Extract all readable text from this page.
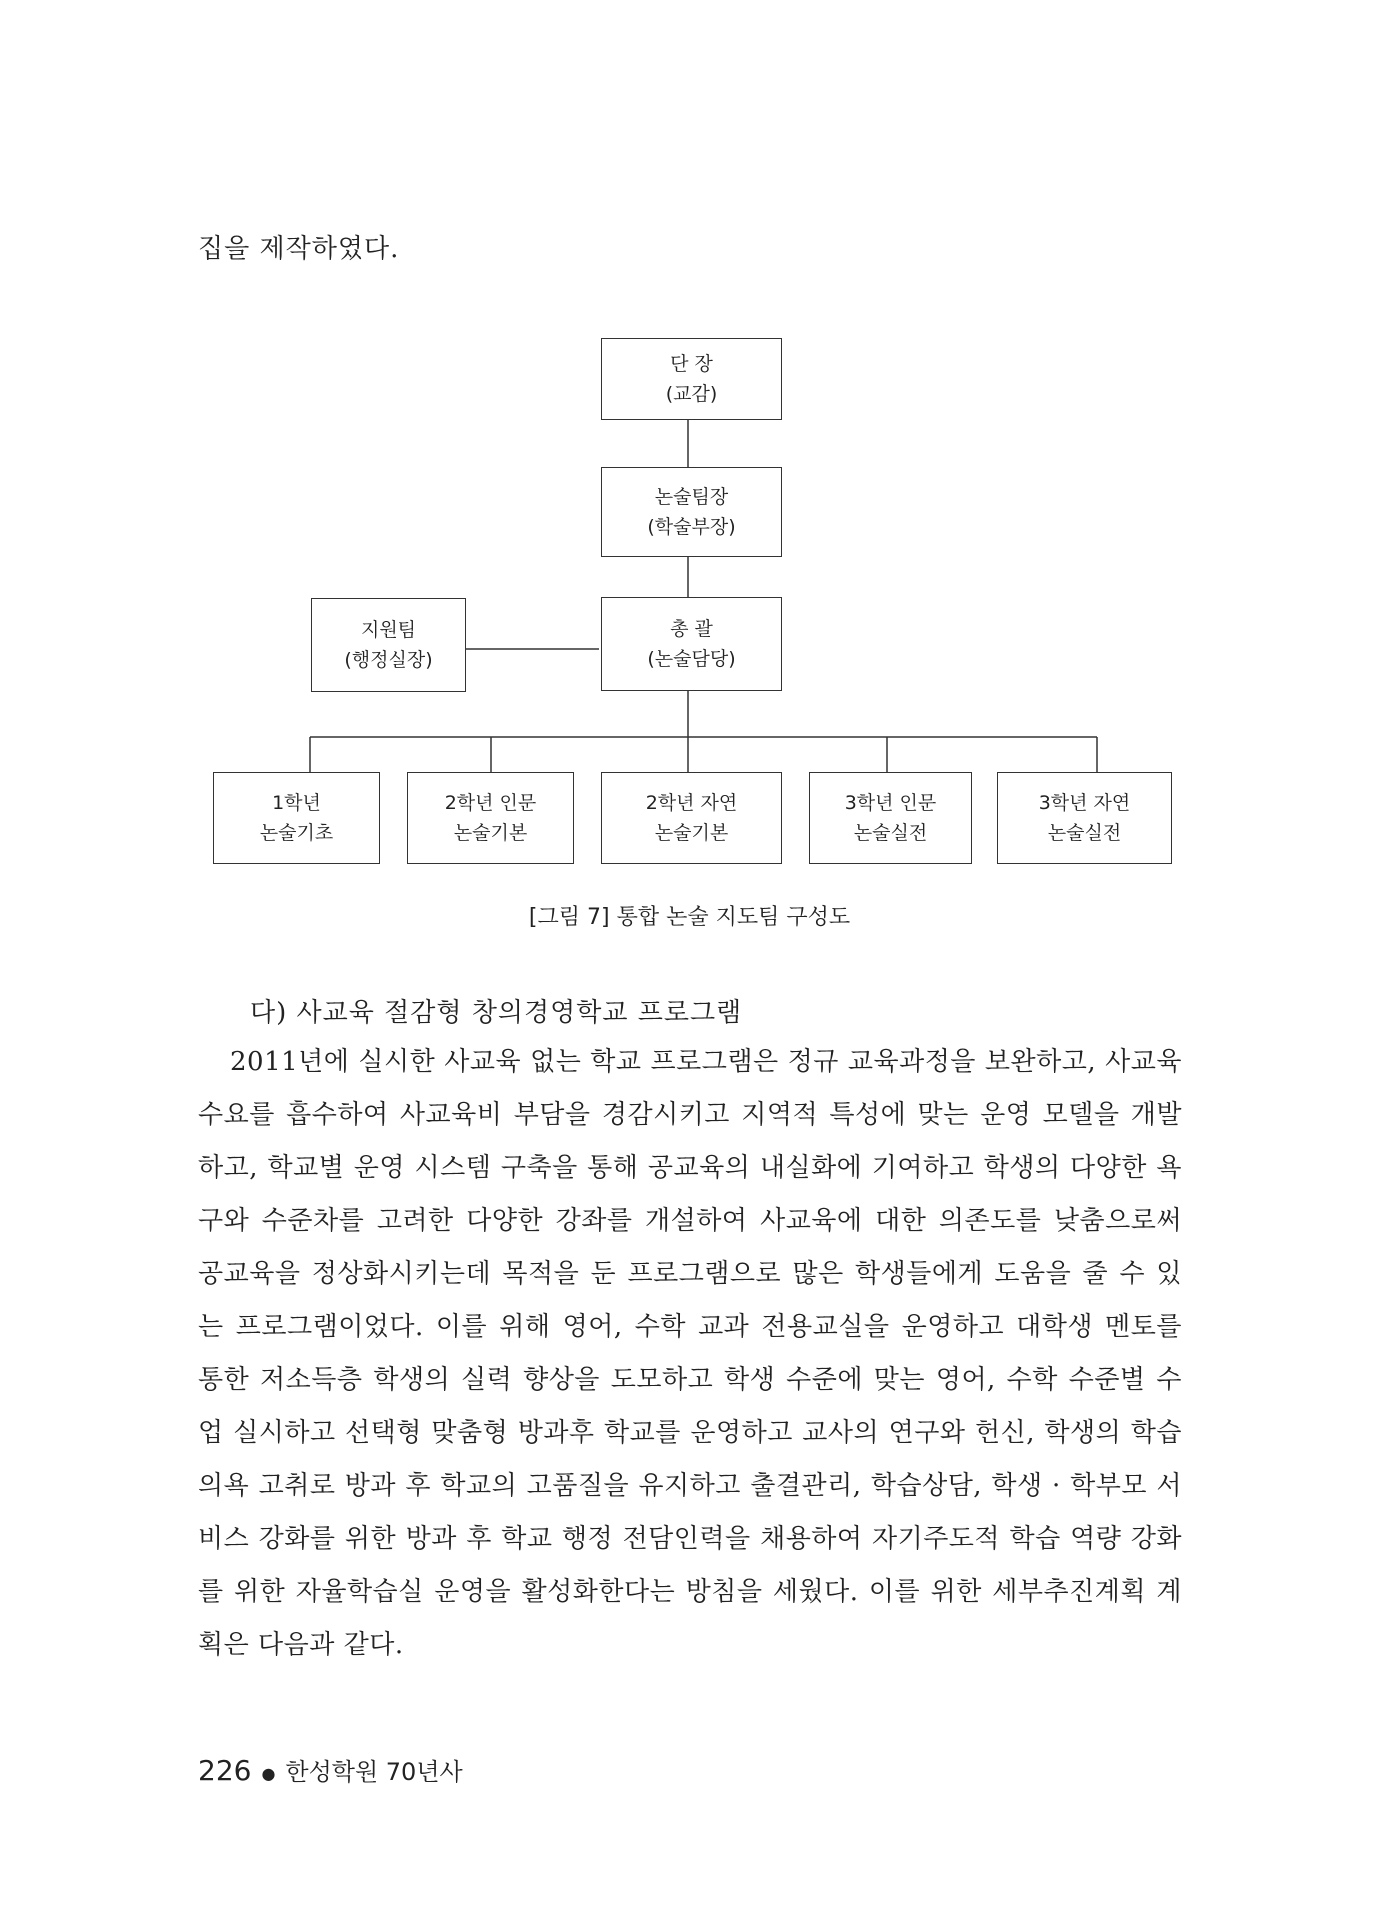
집을 제작하였다.
단 장
(교감)
논술팀장
(학술부장)
지원팀
(행정실장)
총 괄
(논술담당)
1학년
논술기초
2학년 인문
논술기본
2학년 자연
논술기본
3학년 인문
논술실전
3학년 자연
논술실전
[그림 7] 통합 논술 지도팀 구성도
다) 사교육 절감형 창의경영학교 프로그램

2011년에 실시한 사교육 없는 학교 프로그램은 정규 교육과정을 보완하고, 사교육 수요를 흡수하여 사교육비 부담을 경감시키고 지역적 특성에 맞는 운영 모델을 개발하고, 학교별 운영 시스템 구축을 통해 공교육의 내실화에 기여하고 학생의 다양한 욕구와 수준차를 고려한 다양한 강좌를 개설하여 사교육에 대한 의존도를 낮춤으로써 공교육을 정상화시키는데 목적을 둔 프로그램으로 많은 학생들에게 도움을 줄 수 있는 프로그램이었다. 이를 위해 영어, 수학 교과 전용교실을 운영하고 대학생 멘토를 통한 저소득층 학생의 실력 향상을 도모하고 학생 수준에 맞는 영어, 수학 수준별 수업 실시하고 선택형 맞춤형 방과후 학교를 운영하고 교사의 연구와 헌신, 학생의 학습의욕 고취로 방과 후 학교의 고품질을 유지하고 출결관리, 학습상담, 학생 · 학부모 서비스 강화를 위한 방과 후 학교 행정 전담인력을 채용하여 자기주도적 학습 역량 강화를 위한 자율학습실 운영을 활성화한다는 방침을 세웠다. 이를 위한 세부추진계획 계획은 다음과 같다.

226 ● 한성학원 70년사
